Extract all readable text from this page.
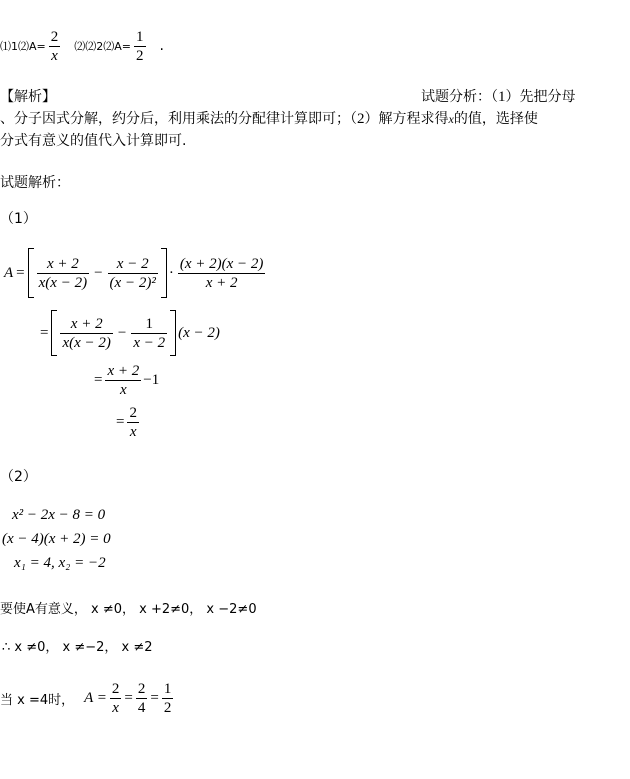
⑴1⑵A= $\frac{2}{x}$ ⑵⑵2⑵A= $\frac{1}{2}$ .
【解析】	试题分析：（1）先把分母
、分子因式分解，约分后，利用乘法的分配律计算即可；（2）解方程求得x的值，选择使
分式有意义的值代入计算即可.
试题解析：
（1）
$A = \frac{x + 2}{x(x - 2)} - \frac{x - 2}{\text{(x − 2)²}} \cdot \frac{(x + 2)(x - 2)}{x + 2}$
= $\frac{x + 2}{x(x - 2)} - \frac{1}{x - 2} (x - 2)$
= $\frac{x + 2}{x} -1$
= $\frac{2}{x}$
（2）
x² − 2x − 8 = 0
(x − 4)(x + 2) = 0
x₁ = 4, x₂ = −2
要使A有意义， x ≠0， x +2≠0， x −2≠0
∴ x ≠0， x ≠−2， x ≠2
当 x =4时， $A = \frac{2}{x} = \frac{2}{4} = \frac{1}{2}$
